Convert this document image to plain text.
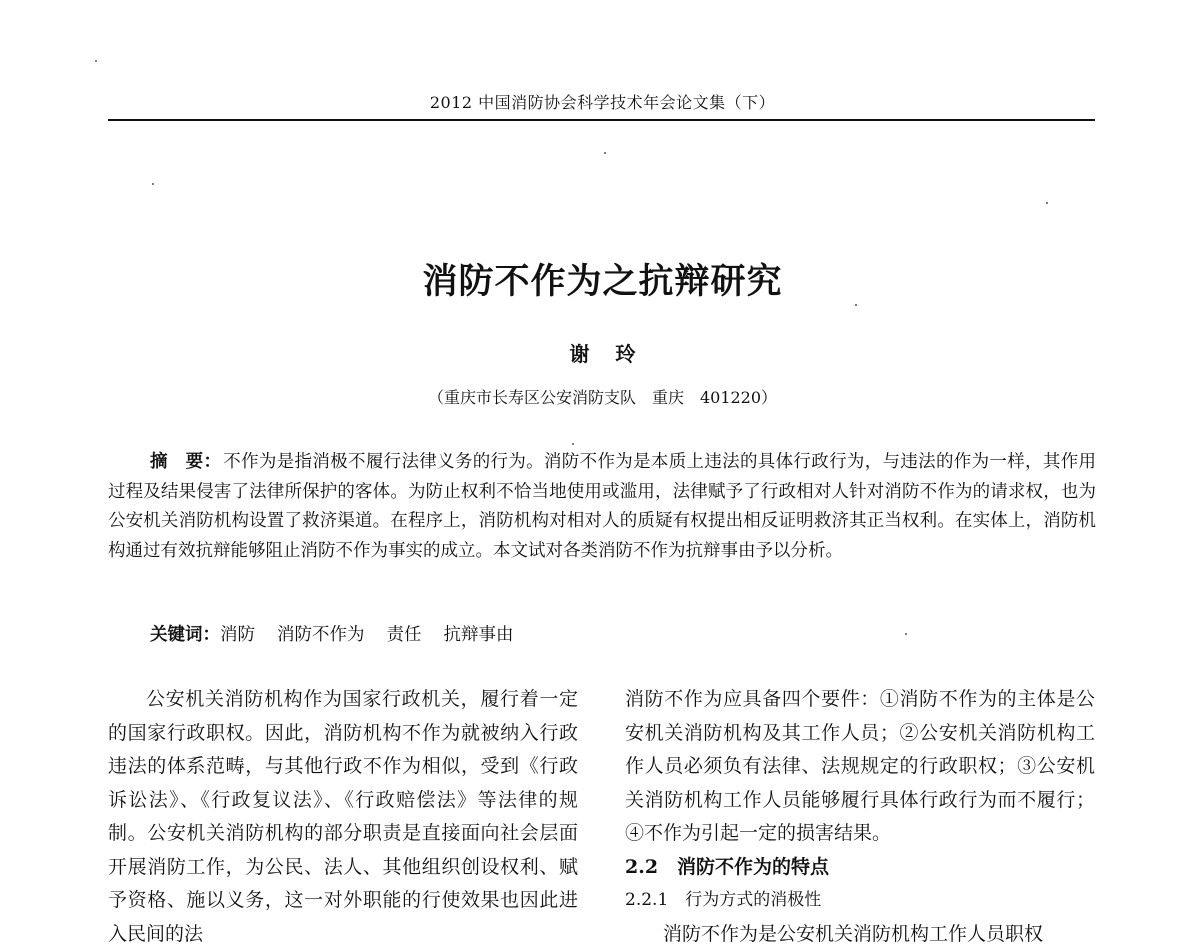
2012 中国消防协会科学技术年会论文集（下）
消防不作为之抗辩研究
谢玲
（重庆市长寿区公安消防支队　重庆　401220）
摘　要： 不作为是指消极不履行法律义务的行为。消防不作为是本质上违法的具体行政行为，与违法的作为一样，其作用过程及结果侵害了法律所保护的客体。为防止权利不恰当地使用或滥用，法律赋予了行政相对人针对消防不作为的请求权，也为公安机关消防机构设置了救济渠道。在程序上，消防机构对相对人的质疑有权提出相反证明救济其正当权利。在实体上，消防机构通过有效抗辩能够阻止消防不作为事实的成立。本文试对各类消防不作为抗辩事由予以分析。
关键词：消防 消防不作为 责任 抗辩事由

公安机关消防机构作为国家行政机关，履行着一定的国家行政职权。因此，消防机构不作为就被纳入行政违法的体系范畴，与其他行政不作为相似，受到《行政诉讼法》、《行政复议法》、《行政赔偿法》等法律的规制。公安机关消防机构的部分职责是直接面向社会层面开展消防工作，为公民、法人、其他组织创设权利、赋予资格、施以义务，这一对外职能的行使效果也因此进入民间的法

消防不作为应具备四个要件：①消防不作为的主体是公安机关消防机构及其工作人员；②公安机关消防机构工作人员必须负有法律、法规规定的行政职权；③公安机关消防机构工作人员能够履行具体行政行为而不履行；④不作为引起一定的损害结果。

2.2　消防不作为的特点

2.2.1　行为方式的消极性

消防不作为是公安机关消防机构工作人员职权
